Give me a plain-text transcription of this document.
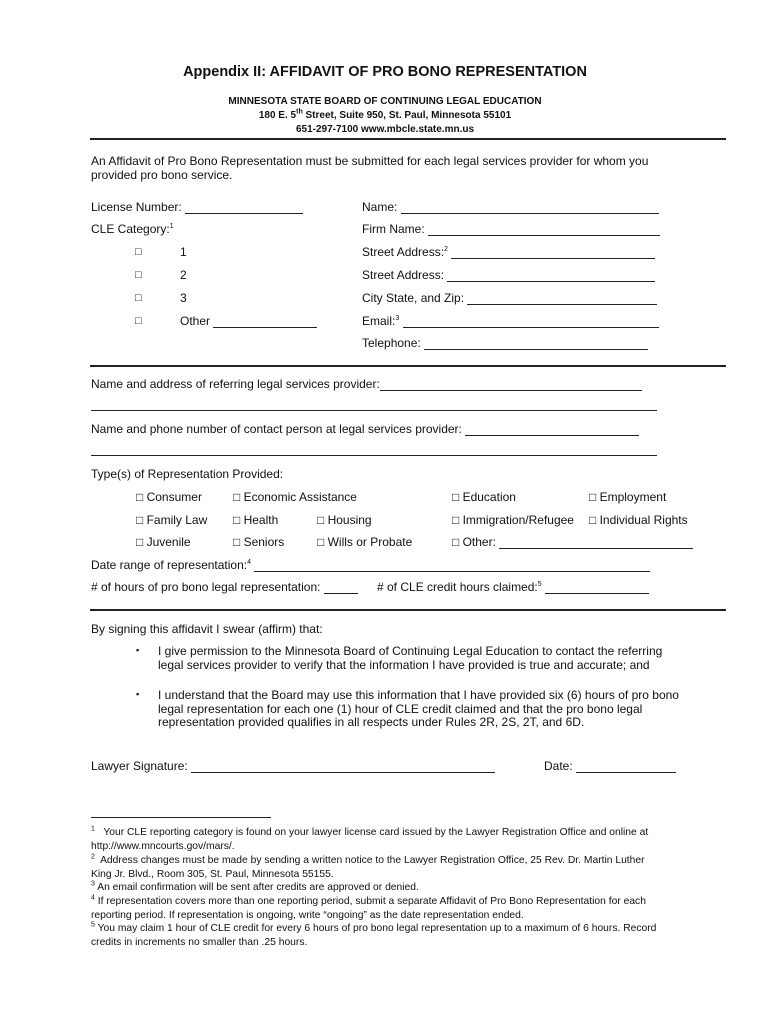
Appendix II: AFFIDAVIT OF PRO BONO REPRESENTATION
MINNESOTA STATE BOARD OF CONTINUING LEGAL EDUCATION
180 E. 5th Street, Suite 950, St. Paul, Minnesota 55101
651-297-7100 www.mbcle.state.mn.us
An Affidavit of Pro Bono Representation must be submitted for each legal services provider for whom you provided pro bono service.
License Number:
CLE Category:$^1$
□	1
□	2
□	3
□	Other
Name:
Firm Name:
Street Address:$^2$
Street Address:
City State, and Zip:
Email:$^3$
Telephone:
Name and address of referring legal services provider:
Name and phone number of contact person at legal services provider:
Type(s) of Representation Provided:
□ Consumer	□ Economic Assistance	□ Education	□ Employment
□ Family Law □ Health	□ Housing	□ Immigration/Refugee □ Individual Rights
□ Juvenile	□ Seniors	□ Wills or Probate	□ Other:
Date range of representation:$^4$
# of hours of pro bono legal representation:	# of CLE credit hours claimed:$^5$
By signing this affidavit I swear (affirm) that:
▪ I give permission to the Minnesota Board of Continuing Legal Education to contact the referring
legal services provider to verify that the information I have provided is true and accurate; and
▪ I understand that the Board may use this information that I have provided six (6) hours of pro bono
legal representation for each one (1) hour of CLE credit claimed and that the pro bono legal
representation provided qualifies in all respects under Rules 2R, 2S, 2T, and 6D.
Lawyer Signature:	Date:
$^1$ Your CLE reporting category is found on your lawyer license card issued by the Lawyer Registration Office and online at
http://www.mncourts.gov/mars/.
$^2$ Address changes must be made by sending a written notice to the Lawyer Registration Office, 25 Rev. Dr. Martin Luther
King Jr. Blvd., Room 305, St. Paul, Minnesota 55155.
$^3$ An email confirmation will be sent after credits are approved or denied.
$^4$ If representation covers more than one reporting period, submit a separate Affidavit of Pro Bono Representation for each
reporting period. If representation is ongoing, write “ongoing” as the date representation ended.
$^5$ You may claim 1 hour of CLE credit for every 6 hours of pro bono legal representation up to a maximum of 6 hours. Record
credits in increments no smaller than .25 hours.
